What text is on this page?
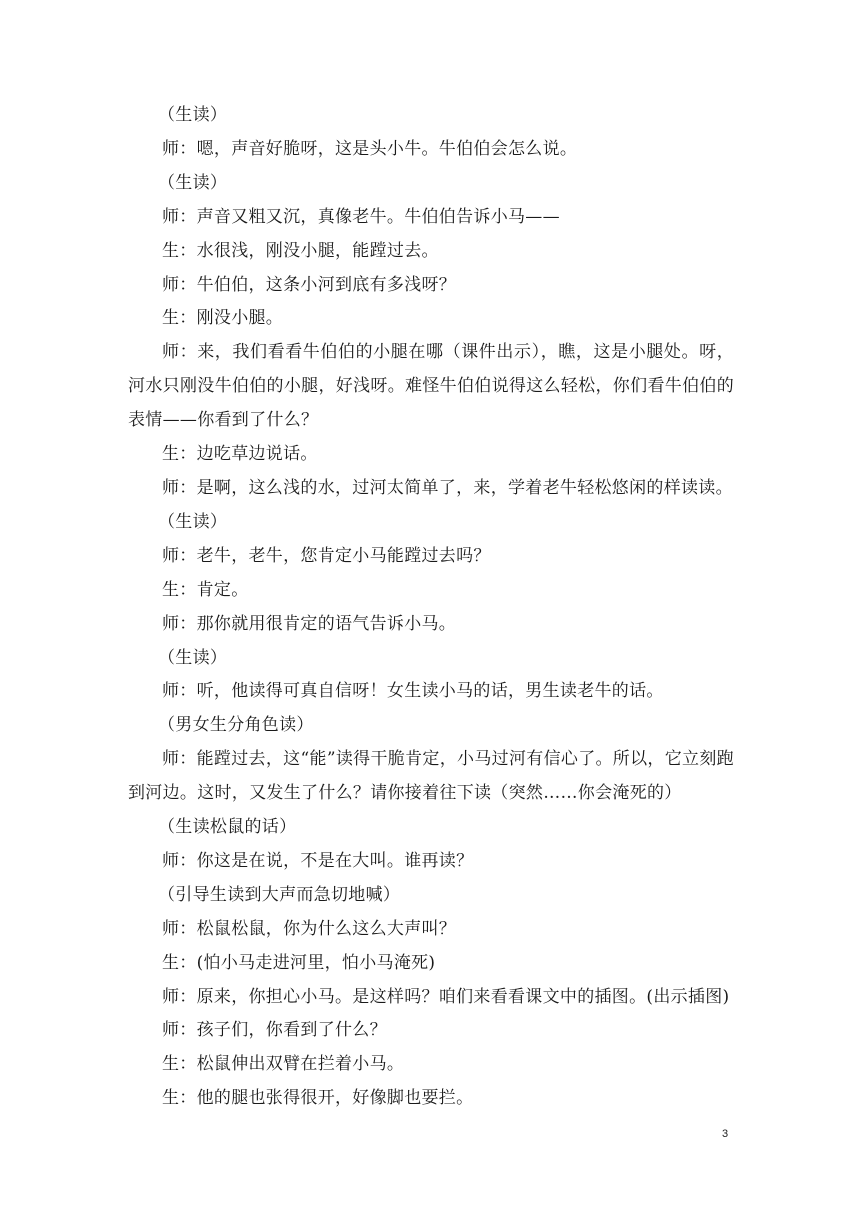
（生读）

师：嗯，声音好脆呀，这是头小牛。牛伯伯会怎么说。

（生读）

师：声音又粗又沉，真像老牛。牛伯伯告诉小马——

生：水很浅，刚没小腿，能蹚过去。

师：牛伯伯，这条小河到底有多浅呀？

生：刚没小腿。

师：来，我们看看牛伯伯的小腿在哪（课件出示），瞧，这是小腿处。呀，河水只刚没牛伯伯的小腿，好浅呀。难怪牛伯伯说得这么轻松，你们看牛伯伯的表情——你看到了什么？

生：边吃草边说话。

师：是啊，这么浅的水，过河太简单了，来，学着老牛轻松悠闲的样读读。

（生读）

师：老牛，老牛，您肯定小马能蹚过去吗？

生：肯定。

师：那你就用很肯定的语气告诉小马。

（生读）

师：听，他读得可真自信呀！女生读小马的话，男生读老牛的话。

（男女生分角色读）

师：能蹚过去，这“能”读得干脆肯定，小马过河有信心了。所以，它立刻跑到河边。这时，又发生了什么？请你接着往下读（突然……你会淹死的）

（生读松鼠的话）

师：你这是在说，不是在大叫。谁再读？

（引导生读到大声而急切地喊）

师：松鼠松鼠，你为什么这么大声叫？

生：(怕小马走进河里，怕小马淹死)

师：原来，你担心小马。是这样吗？咱们来看看课文中的插图。(出示插图)

师：孩子们，你看到了什么？

生：松鼠伸出双臂在拦着小马。

生：他的腿也张得很开，好像脚也要拦。

3
